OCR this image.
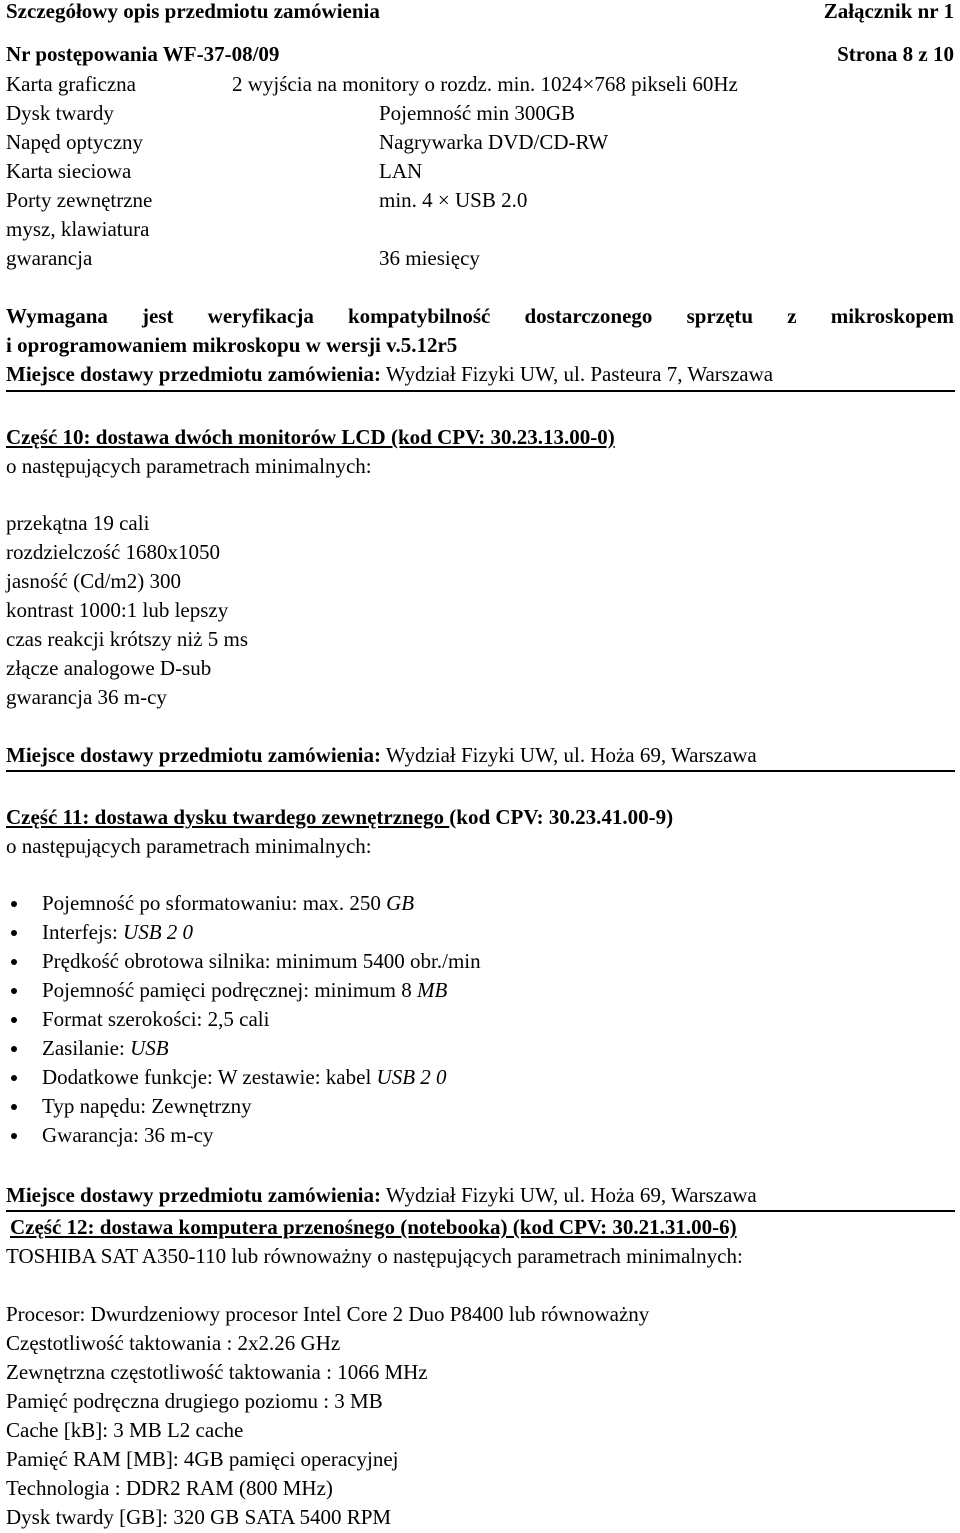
Szczegółowy opis przedmiotu zamówienia	Załącznik nr 1
Nr postępowania WF-37-08/09	Strona 8 z 10
Karta graficzna	2 wyjścia na monitory o rozdz. min. 1024×768 pikseli 60Hz
Dysk twardy	Pojemność min 300GB
Napęd optyczny	Nagrywarka DVD/CD-RW
Karta sieciowa	LAN
Porty zewnętrzne	min. 4 × USB 2.0
mysz, klawiatura
gwarancja	36 miesięcy
Wymagana jest weryfikacja kompatybilność dostarczonego sprzętu z mikroskopem
i oprogramowaniem mikroskopu w wersji v.5.12r5
Miejsce dostawy przedmiotu zamówienia: Wydział Fizyki UW, ul. Pasteura 7, Warszawa
Część 10: dostawa dwóch monitorów LCD (kod CPV: 30.23.13.00-0)
o następujących parametrach minimalnych:
przekątna 19 cali
rozdzielczość 1680x1050
jasność (Cd/m2) 300
kontrast 1000:1 lub lepszy
czas reakcji krótszy niż 5 ms
złącze analogowe D-sub
gwarancja 36 m-cy
Miejsce dostawy przedmiotu zamówienia: Wydział Fizyki UW, ul. Hoża 69, Warszawa
Część 11: dostawa dysku twardego zewnętrznego (kod CPV: 30.23.41.00-9)
o następujących parametrach minimalnych:
Pojemność po sformatowaniu: max. 250 GB
Interfejs: USB 2 0
Prędkość obrotowa silnika: minimum 5400 obr./min
Pojemność pamięci podręcznej: minimum 8 MB
Format szerokości: 2,5 cali
Zasilanie: USB
Dodatkowe funkcje: W zestawie: kabel USB 2 0
Typ napędu: Zewnętrzny
Gwarancja: 36 m-cy
Miejsce dostawy przedmiotu zamówienia: Wydział Fizyki UW, ul. Hoża 69, Warszawa
Część 12: dostawa komputera przenośnego (notebooka) (kod CPV: 30.21.31.00-6)
TOSHIBA SAT A350-110 lub równoważny o następujących parametrach minimalnych:
Procesor: Dwurdzeniowy procesor Intel Core 2 Duo P8400 lub równoważny
Częstotliwość taktowania : 2x2.26 GHz
Zewnętrzna częstotliwość taktowania : 1066 MHz
Pamięć podręczna drugiego poziomu : 3 MB
Cache [kB]: 3 MB L2 cache
Pamięć RAM [MB]: 4GB pamięci operacyjnej
Technologia : DDR2 RAM (800 MHz)
Dysk twardy [GB]: 320 GB SATA 5400 RPM
